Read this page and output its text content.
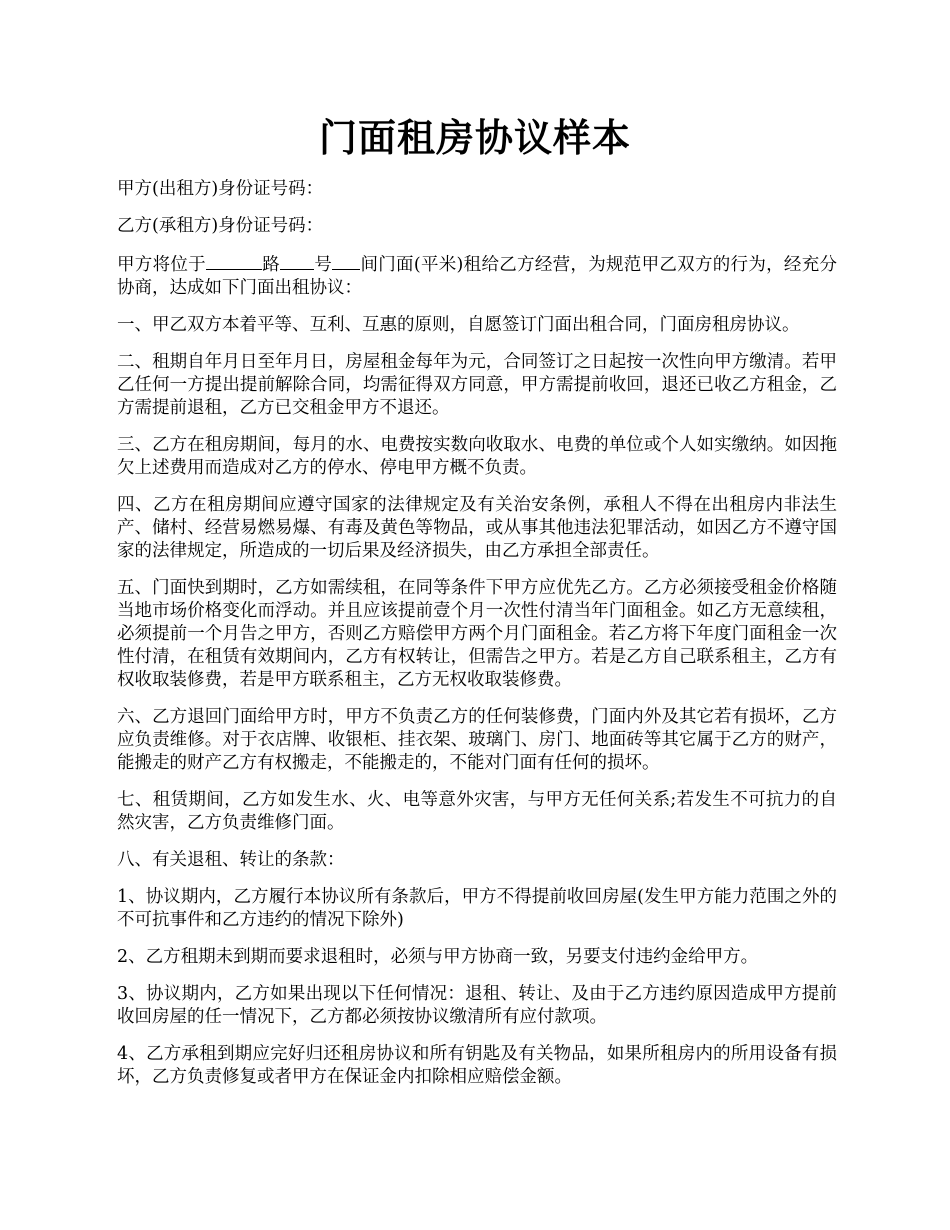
门面租房协议样本

甲方(出租方)身份证号码：

乙方(承租方)身份证号码：

甲方将位于	路 号 间门面(平米)租给乙方经营，为规范甲乙双方的行为，经充分协商，达成如下门面出租协议：

一、甲乙双方本着平等、互利、互惠的原则，自愿签订门面出租合同，门面房租房协议。

二、租期自年月日至年月日，房屋租金每年为元，合同签订之日起按一次性向甲方缴清。若甲乙任何一方提出提前解除合同，均需征得双方同意，甲方需提前收回，退还已收乙方租金，乙方需提前退租，乙方已交租金甲方不退还。

三、乙方在租房期间，每月的水、电费按实数向收取水、电费的单位或个人如实缴纳。如因拖欠上述费用而造成对乙方的停水、停电甲方概不负责。

四、乙方在租房期间应遵守国家的法律规定及有关治安条例，承租人不得在出租房内非法生产、储村、经营易燃易爆、有毒及黄色等物品，或从事其他违法犯罪活动，如因乙方不遵守国家的法律规定，所造成的一切后果及经济损失，由乙方承担全部责任。

五、门面快到期时，乙方如需续租，在同等条件下甲方应优先乙方。乙方必须接受租金价格随当地市场价格变化而浮动。并且应该提前壹个月一次性付清当年门面租金。如乙方无意续租，必须提前一个月告之甲方，否则乙方赔偿甲方两个月门面租金。若乙方将下年度门面租金一次性付清，在租赁有效期间内，乙方有权转让，但需告之甲方。若是乙方自己联系租主，乙方有权收取装修费，若是甲方联系租主，乙方无权收取装修费。

六、乙方退回门面给甲方时，甲方不负责乙方的任何装修费，门面内外及其它若有损坏，乙方应负责维修。对于衣店牌、收银柜、挂衣架、玻璃门、房门、地面砖等其它属于乙方的财产，能搬走的财产乙方有权搬走，不能搬走的，不能对门面有任何的损坏。

七、租赁期间，乙方如发生水、火、电等意外灾害，与甲方无任何关系;若发生不可抗力的自然灾害，乙方负责维修门面。

八、有关退租、转让的条款：

1、协议期内，乙方履行本协议所有条款后，甲方不得提前收回房屋(发生甲方能力范围之外的不可抗事件和乙方违约的情况下除外)

2、乙方租期未到期而要求退租时，必须与甲方协商一致，另要支付违约金给甲方。

3、协议期内，乙方如果出现以下任何情况：退租、转让、及由于乙方违约原因造成甲方提前收回房屋的任一情况下，乙方都必须按协议缴清所有应付款项。

4、乙方承租到期应完好归还租房协议和所有钥匙及有关物品，如果所租房内的所用设备有损坏，乙方负责修复或者甲方在保证金内扣除相应赔偿金额。
